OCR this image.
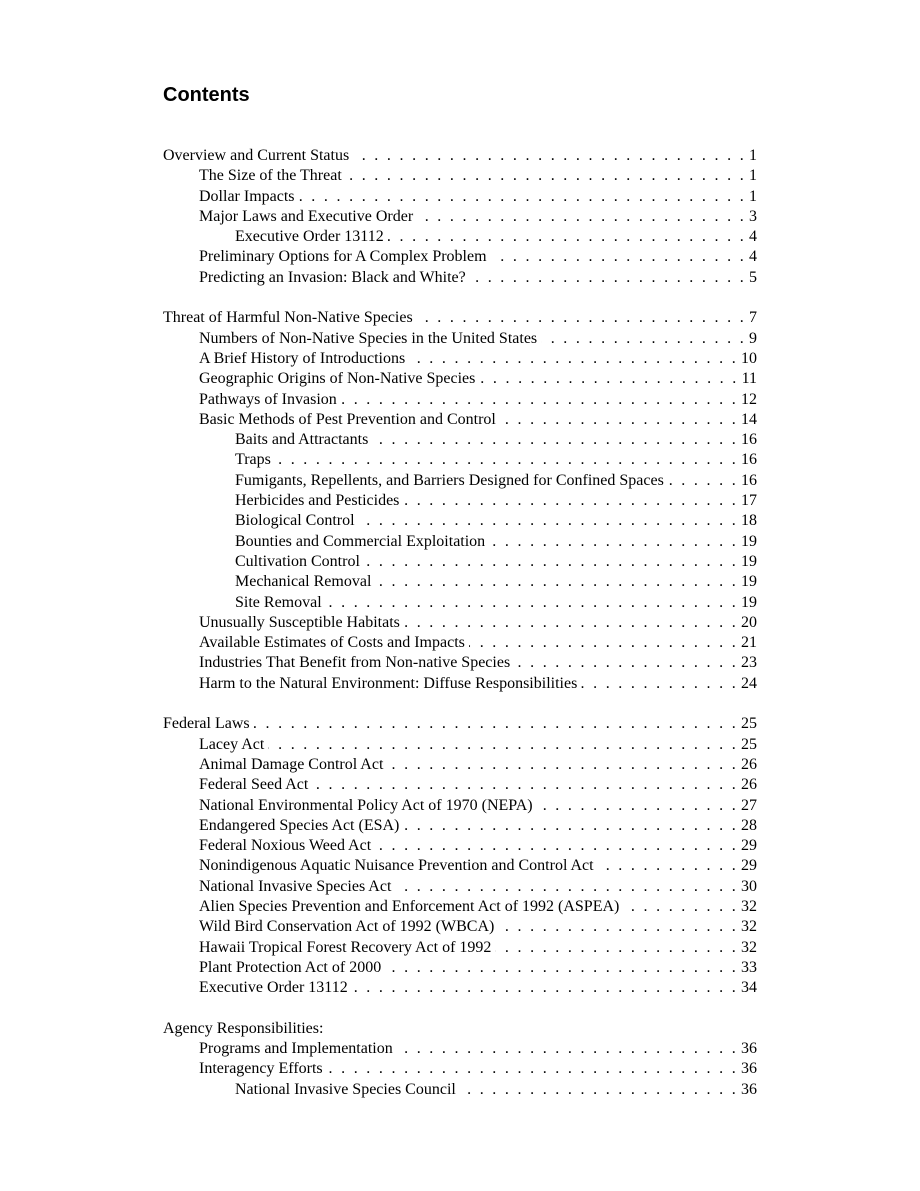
Contents
Overview and Current Status . . .	1
The Size of the Threat . . .	1
Dollar Impacts . . .	1
Major Laws and Executive Order . . .	3
Executive Order 13112 . . .	4
Preliminary Options for A Complex Problem . . .	4
Predicting an Invasion: Black and White? . . .	5
Threat of Harmful Non-Native Species . . .	7
Numbers of Non-Native Species in the United States . . .	9
A Brief History of Introductions . . .	10
Geographic Origins of Non-Native Species . . .	11
Pathways of Invasion . . .	12
Basic Methods of Pest Prevention and Control . . .	14
Baits and Attractants . . .	16
Traps . . .	16
Fumigants, Repellents, and Barriers Designed for Confined Spaces . . .	16
Herbicides and Pesticides . . .	17
Biological Control . . .	18
Bounties and Commercial Exploitation . . .	19
Cultivation Control . . .	19
Mechanical Removal . . .	19
Site Removal . . .	19
Unusually Susceptible Habitats . . .	20
Available Estimates of Costs and Impacts . . .	21
Industries That Benefit from Non-native Species . . .	23
Harm to the Natural Environment: Diffuse Responsibilities . . .	24
Federal Laws . . .	25
Lacey Act . . .	25
Animal Damage Control Act . . .	26
Federal Seed Act . . .	26
National Environmental Policy Act of 1970 (NEPA) . . .	27
Endangered Species Act (ESA) . . .	28
Federal Noxious Weed Act . . .	29
Nonindigenous Aquatic Nuisance Prevention and Control Act . . .	29
National Invasive Species Act . . .	30
Alien Species Prevention and Enforcement Act of 1992 (ASPEA) . . .	32
Wild Bird Conservation Act of 1992 (WBCA) . . .	32
Hawaii Tropical Forest Recovery Act of 1992 . . .	32
Plant Protection Act of 2000 . . .	33
Executive Order 13112 . . .	34
Agency Responsibilities:
Programs and Implementation . . .	36
Interagency Efforts . . .	36
National Invasive Species Council . . .	36
